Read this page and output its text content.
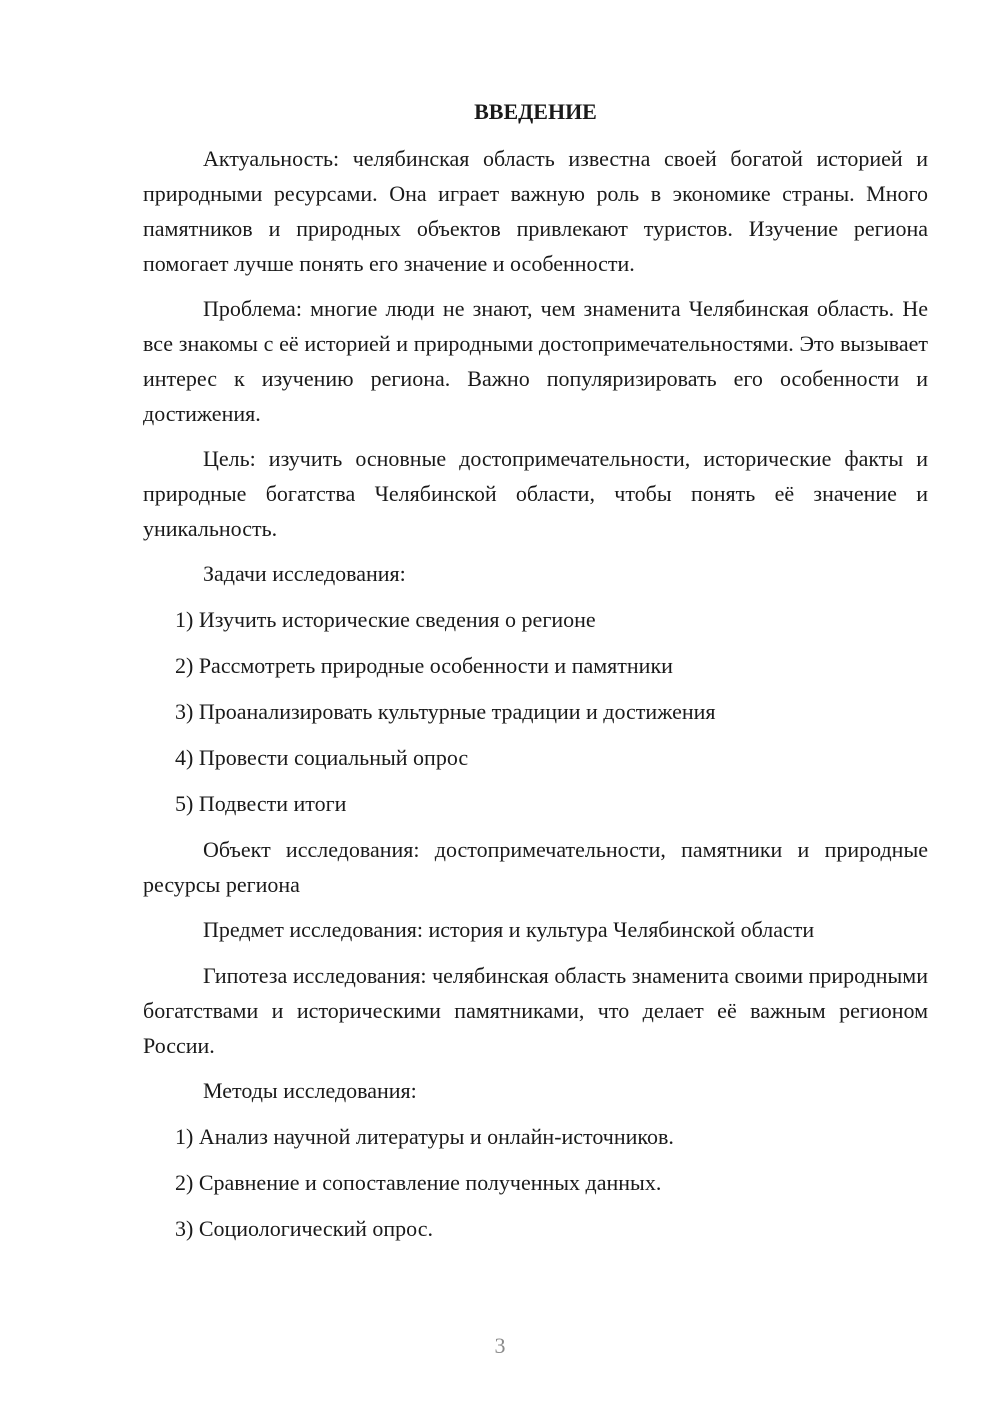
ВВЕДЕНИЕ

Актуальность: челябинская область известна своей богатой историей и природными ресурсами. Она играет важную роль в экономике страны. Много памятников и природных объектов привлекают туристов. Изучение региона помогает лучше понять его значение и особенности.

Проблема: многие люди не знают, чем знаменита Челябинская область. Не все знакомы с её историей и природными достопримечательностями. Это вызывает интерес к изучению региона. Важно популяризировать его особенности и достижения.

Цель: изучить основные достопримечательности, исторические факты и природные богатства Челябинской области, чтобы понять её значение и уникальность.

Задачи исследования:

1) Изучить исторические сведения о регионе
2) Рассмотреть природные особенности и памятники
3) Проанализировать культурные традиции и достижения
4) Провести социальный опрос
5) Подвести итоги

Объект исследования: достопримечательности, памятники и природные ресурсы региона

Предмет исследования: история и культура Челябинской области

Гипотеза исследования: челябинская область знаменита своими природными богатствами и историческими памятниками, что делает её важным регионом России.

Методы исследования:

1) Анализ научной литературы и онлайн-источников.
2) Сравнение и сопоставление полученных данных.
3) Социологический опрос.
3
